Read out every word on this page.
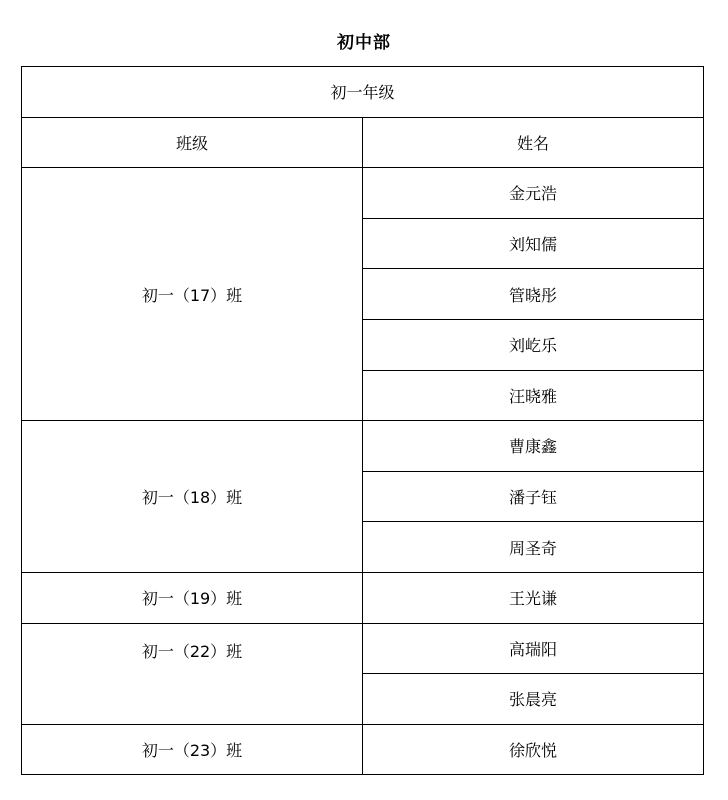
初中部
初一年级	
班级	姓名
初一（17）班	金元浩
	刘知儒
	管晓彤
	刘屹乐
	汪晓雅
初一（18）班	曹康鑫
	潘子钰
	周圣奇
初一（19）班	王光谦
初一（22）班	高瑞阳
	张晨亮
初一（23）班	徐欣悦
